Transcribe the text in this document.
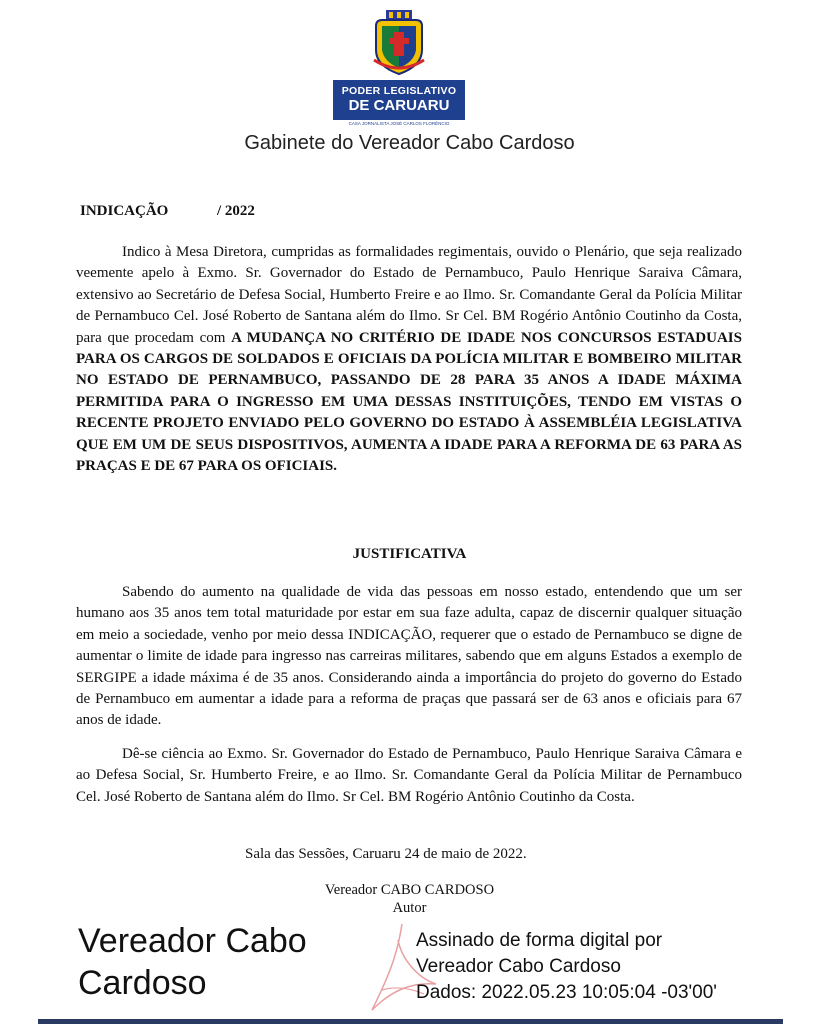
PODER LEGISLATIVO
DE CARUARU
CASA JORNALISTA JOSÉ CARLOS FLORÊNCIO
Gabinete do Vereador Cabo Cardoso
INDICAÇÃO	/ 2022

Indico à Mesa Diretora, cumpridas as formalidades regimentais, ouvido o Plenário, que seja realizado veemente apelo à Exmo. Sr. Governador do Estado de Pernambuco, Paulo Henrique Saraiva Câmara, extensivo ao Secretário de Defesa Social, Humberto Freire e ao Ilmo. Sr. Comandante Geral da Polícia Militar de Pernambuco Cel. José Roberto de Santana além do Ilmo. Sr Cel. BM Rogério Antônio Coutinho da Costa, para que procedam com A MUDANÇA NO CRITÉRIO DE IDADE NOS CONCURSOS ESTADUAIS PARA OS CARGOS DE SOLDADOS E OFICIAIS DA POLÍCIA MILITAR E BOMBEIRO MILITAR NO ESTADO DE PERNAMBUCO, PASSANDO DE 28 PARA 35 ANOS A IDADE MÁXIMA PERMITIDA PARA O INGRESSO EM UMA DESSAS INSTITUIÇÕES, TENDO EM VISTAS O RECENTE PROJETO ENVIADO PELO GOVERNO DO ESTADO À ASSEMBLÉIA LEGISLATIVA QUE EM UM DE SEUS DISPOSITIVOS, AUMENTA A IDADE PARA A REFORMA DE 63 PARA AS PRAÇAS E DE 67 PARA OS OFICIAIS.

JUSTIFICATIVA

Sabendo do aumento na qualidade de vida das pessoas em nosso estado, entendendo que um ser humano aos 35 anos tem total maturidade por estar em sua faze adulta, capaz de discernir qualquer situação em meio a sociedade, venho por meio dessa INDICAÇÃO, requerer que o estado de Pernambuco se digne de aumentar o limite de idade para ingresso nas carreiras militares, sabendo que em alguns Estados a exemplo de SERGIPE a idade máxima é de 35 anos. Considerando ainda a importância do projeto do governo do Estado de Pernambuco em aumentar a idade para a reforma de praças que passará ser de 63 anos e oficiais para 67 anos de idade.

Dê-se ciência ao Exmo. Sr. Governador do Estado de Pernambuco, Paulo Henrique Saraiva Câmara e ao Defesa Social, Sr. Humberto Freire, e ao Ilmo. Sr. Comandante Geral da Polícia Militar de Pernambuco Cel. José Roberto de Santana além do Ilmo. Sr Cel. BM Rogério Antônio Coutinho da Costa.

Sala das Sessões, Caruaru 24 de maio de 2022.
Vereador CABO CARDOSO
Autor
Vereador Cabo
Cardoso
Assinado de forma digital por
Vereador Cabo Cardoso
Dados: 2022.05.23 10:05:04 -03'00'
